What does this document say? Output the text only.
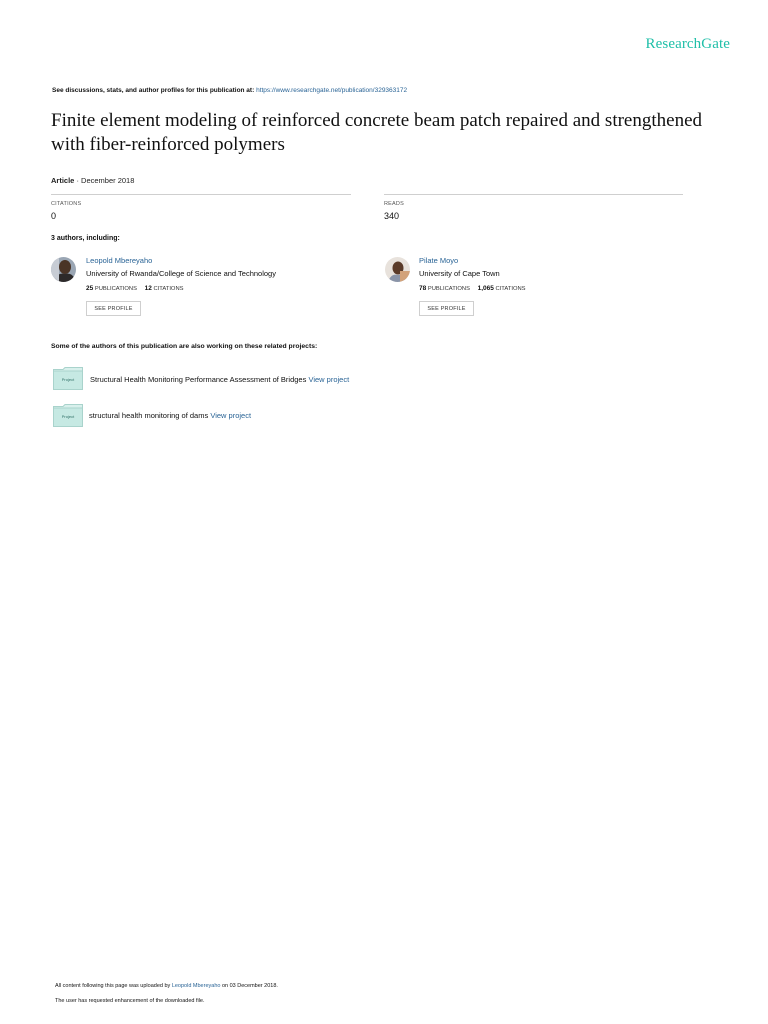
ResearchGate
See discussions, stats, and author profiles for this publication at: https://www.researchgate.net/publication/329363172
Finite element modeling of reinforced concrete beam patch repaired and strengthened with fiber-reinforced polymers
Article · December 2018
CITATIONS
0
READS
340
3 authors, including:
Leopold Mbereyaho
University of Rwanda/College of Science and Technology
25 PUBLICATIONS 12 CITATIONS
SEE PROFILE
Pilate Moyo
University of Cape Town
78 PUBLICATIONS 1,065 CITATIONS
SEE PROFILE
Some of the authors of this publication are also working on these related projects:
Project	Structural Health Monitoring Performance Assessment of Bridges View project
Project	structural health monitoring of dams View project
All content following this page was uploaded by Leopold Mbereyaho on 03 December 2018.
The user has requested enhancement of the downloaded file.
